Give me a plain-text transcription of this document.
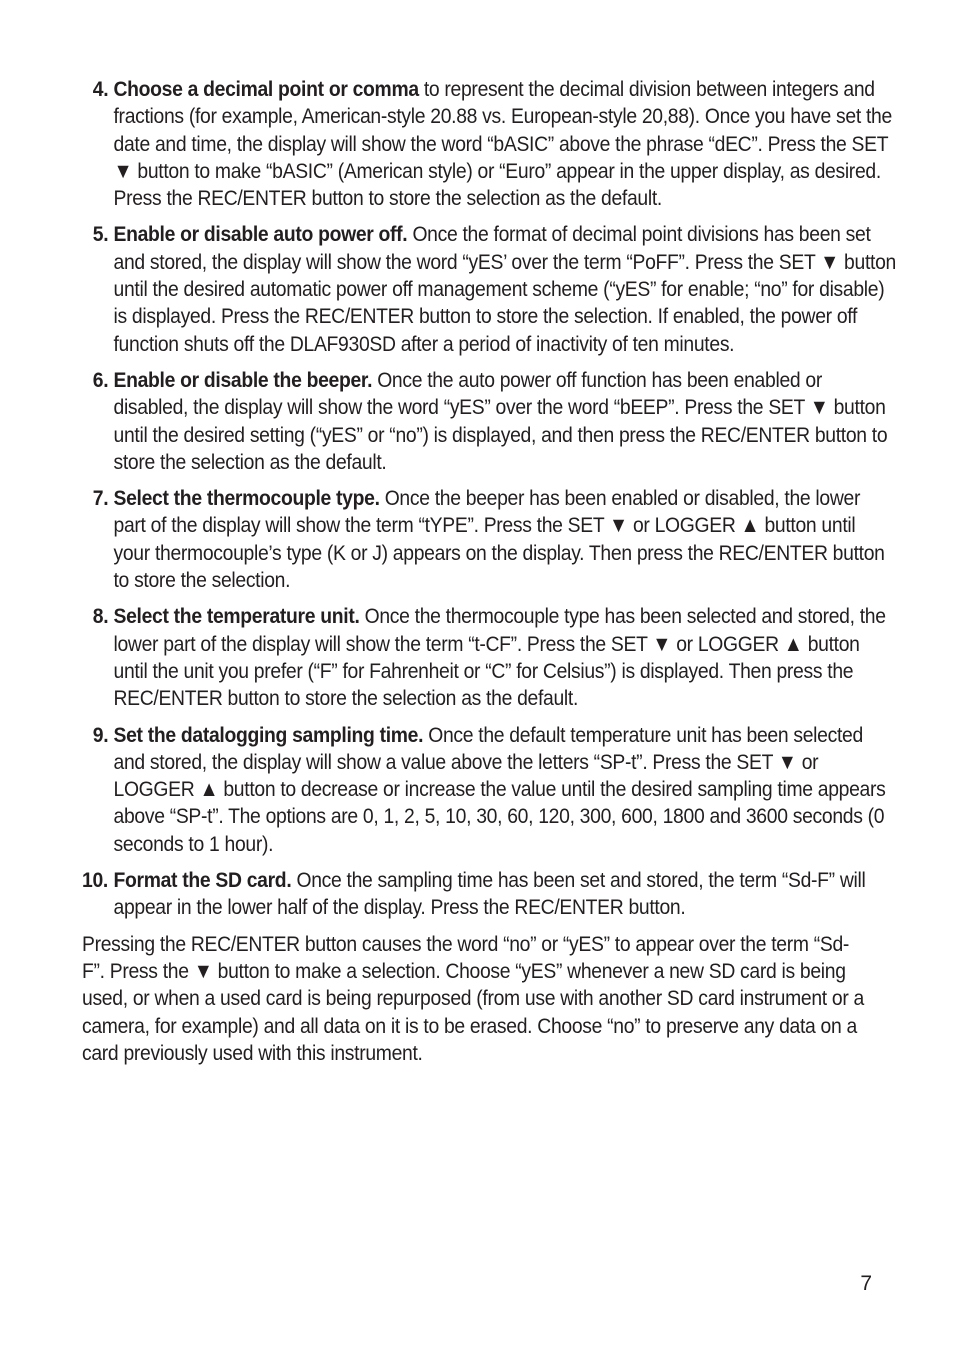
4. Choose a decimal point or comma to represent the decimal division between integers and fractions (for example, American-style 20.88 vs. European-style 20,88). Once you have set the date and time, the display will show the word “bASIC” above the phrase “dEC”. Press the SET ▼ button to make “bASIC” (American style) or “Euro” appear in the upper display, as desired. Press the REC/ENTER button to store the selection as the default.
5. Enable or disable auto power off. Once the format of decimal point divisions has been set and stored, the display will show the word “yES’ over the term “PoFF”. Press the SET ▼ button until the desired automatic power off management scheme (“yES” for enable; “no” for disable) is displayed. Press the REC/ENTER button to store the selection. If enabled, the power off function shuts off the DLAF930SD after a period of inactivity of ten minutes.
6. Enable or disable the beeper. Once the auto power off function has been enabled or disabled, the display will show the word “yES” over the word “bEEP”. Press the SET ▼ button until the desired setting (“yES” or “no”) is displayed, and then press the REC/ENTER button to store the selection as the default.
7. Select the thermocouple type. Once the beeper has been enabled or disabled, the lower part of the display will show the term “tYPE”. Press the SET ▼ or LOGGER ▲ button until your thermocouple’s type (K or J) appears on the display. Then press the REC/ENTER button to store the selection.
8. Select the temperature unit. Once the thermocouple type has been selected and stored, the lower part of the display will show the term “t-CF”. Press the SET ▼ or LOGGER ▲ button until the unit you prefer (“F” for Fahrenheit or “C” for Celsius”) is displayed. Then press the REC/ENTER button to store the selection as the default.
9. Set the datalogging sampling time. Once the default temperature unit has been selected and stored, the display will show a value above the letters “SP-t”. Press the SET ▼ or LOGGER ▲ button to decrease or increase the value until the desired sampling time appears above “SP-t”. The options are 0, 1, 2, 5, 10, 30, 60, 120, 300, 600, 1800 and 3600 seconds (0 seconds to 1 hour).
10. Format the SD card. Once the sampling time has been set and stored, the term “Sd-F” will appear in the lower half of the display. Press the REC/ENTER button.

Pressing the REC/ENTER button causes the word “no” or “yES” to appear over the term “Sd-F”. Press the ▼ button to make a selection. Choose “yES” whenever a new SD card is being used, or when a used card is being repurposed (from use with another SD card instrument or a camera, for example) and all data on it is to be erased. Choose “no” to preserve any data on a card previously used with this instrument.

7
